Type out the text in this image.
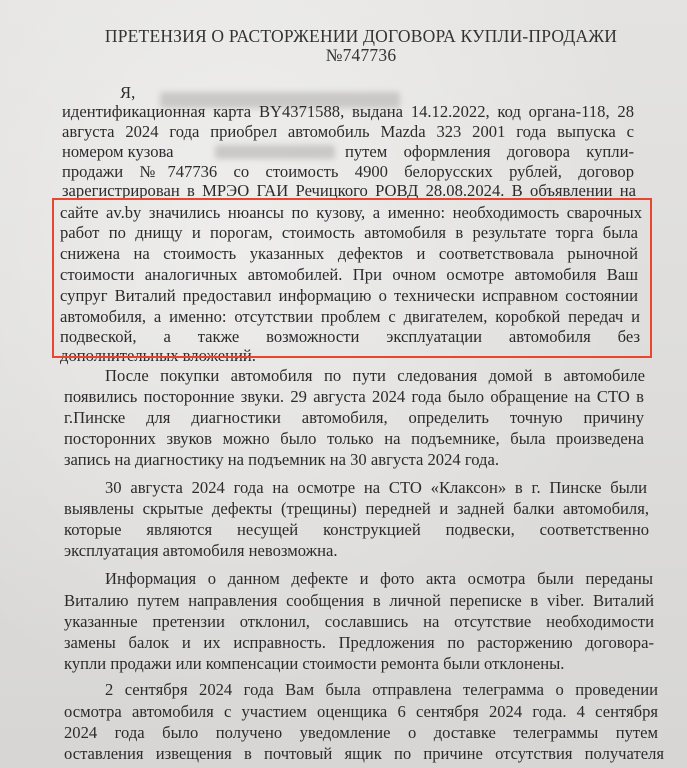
ПРЕТЕНЗИЯ О РАСТОРЖЕНИИ ДОГОВОРА КУПЛИ-ПРОДАЖИ
№747736
Я,
идентификационная карта BY4371588, выдана 14.12.2022, код органа-118, 28
августа 2024 года приобрел автомобиль Mazda 323 2001 года выпуска с
номером кузова	путем оформления договора купли-
продажи №747736 со стоимость 4900 белорусских рублей, договор
зарегистрирован в МРЭО ГАИ Речицкого РОВД 28.08.2024. В объявлении на
сайте av.by значились нюансы по кузову, а именно: необходимость сварочных
работ по днищу и порогам, стоимость автомобиля в результате торга была
снижена на стоимость указанных дефектов и соответствовала рыночной
стоимости аналогичных автомобилей. При очном осмотре автомобиля Ваш
супруг Виталий предоставил информацию о технически исправном состоянии
автомобиля, а именно: отсутствии проблем с двигателем, коробкой передач и
подвеской, а также возможности эксплуатации автомобиля без
дополнительных вложений.
После покупки автомобиля по пути следования домой в автомобиле
появились посторонние звуки. 29 августа 2024 года было обращение на СТО в
г.Пинске для диагностики автомобиля, определить точную причину
посторонних звуков можно было только на подъемнике, была произведена
запись на диагностику на подъемник на 30 августа 2024 года.
30 августа 2024 года на осмотре на СТО «Клаксон» в г. Пинске были
выявлены скрытые дефекты (трещины) передней и задней балки автомобиля,
которые являются несущей конструкцией подвески, соответственно
эксплуатация автомобиля невозможна.
Информация о данном дефекте и фото акта осмотра были переданы
Виталию путем направления сообщения в личной переписке в viber. Виталий
указанные претензии отклонил, сославшись на отсутствие необходимости
замены балок и их исправность. Предложения по расторжению договора-
купли продажи или компенсации стоимости ремонта были отклонены.
2 сентября 2024 года Вам была отправлена телеграмма о проведении
осмотра автомобиля с участием оценщика 6 сентября 2024 года. 4 сентября
2024 года было получено уведомление о доставке телеграммы путем
оставления извещения в почтовый ящик по причине отсутствия получателя
